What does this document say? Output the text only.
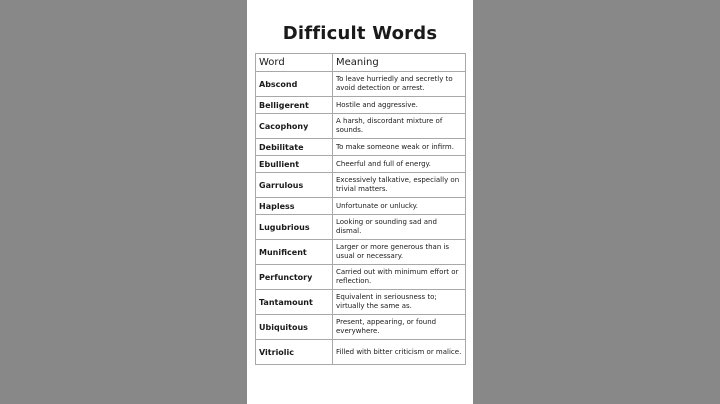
Difficult Words
Word	Meaning
Abscond	To leave hurriedly and secretly to avoid detection or arrest.
Belligerent	Hostile and aggressive.
Cacophony	A harsh, discordant mixture of sounds.
Debilitate	To make someone weak or infirm.
Ebullient	Cheerful and full of energy.
Garrulous	Excessively talkative, especially on trivial matters.
Hapless	Unfortunate or unlucky.
Lugubrious	Looking or sounding sad and dismal.
Munificent	Larger or more generous than is usual or necessary.
Perfunctory	Carried out with minimum effort or reflection.
Tantamount	Equivalent in seriousness to; virtually the same as.
Ubiquitous	Present, appearing, or found everywhere.
Vitriolic	Filled with bitter criticism or malice.
